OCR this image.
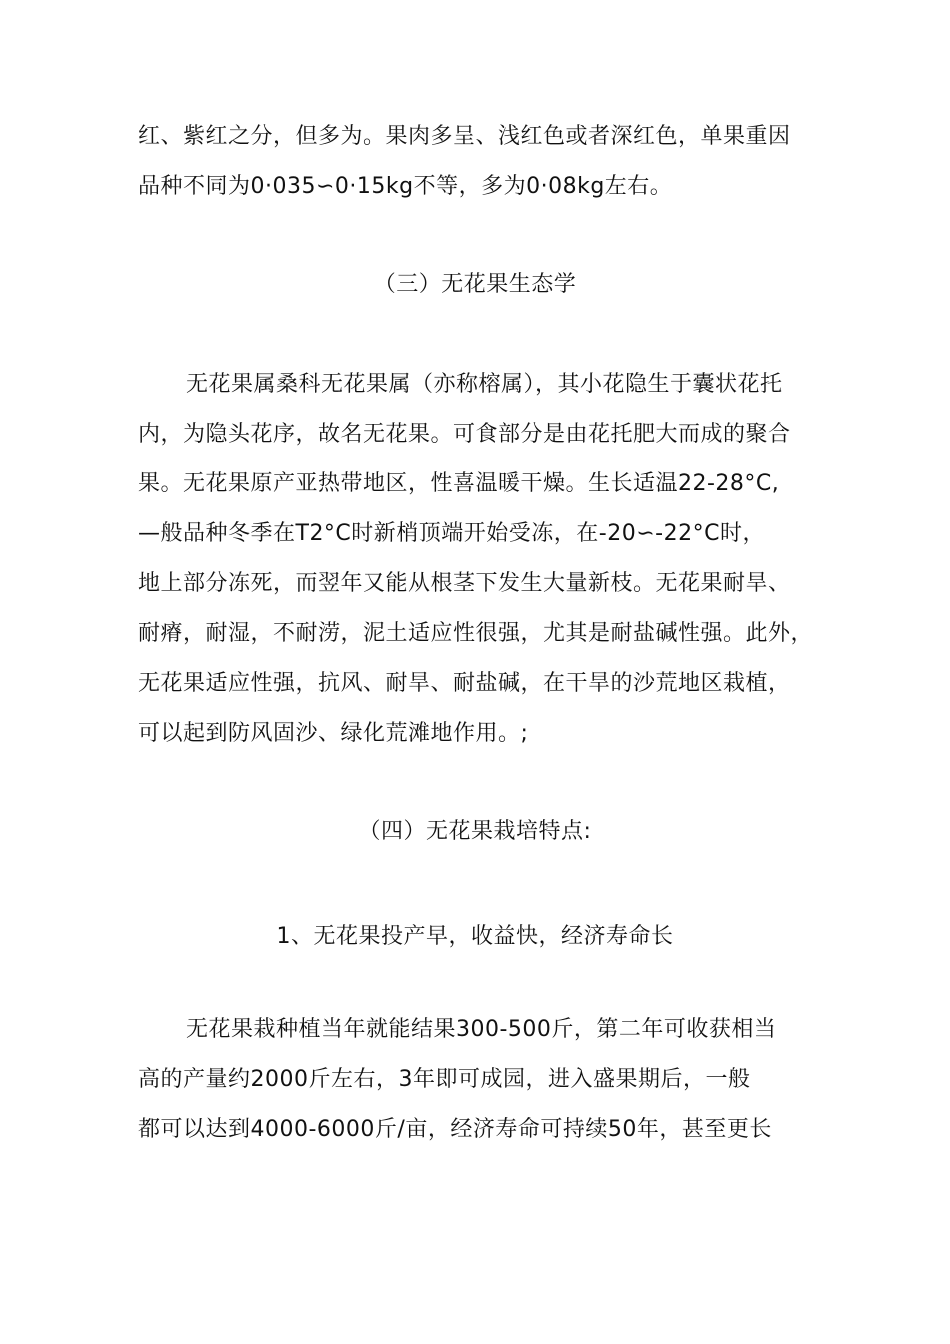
红、紫红之分，但多为。果肉多呈、浅红色或者深红色，单果重因
品种不同为0·035∽0·15kg不等，多为0·08kg左右。
（三）无花果生态学
无花果属桑科无花果属（亦称榕属），其小花隐生于囊状花托
内，为隐头花序，故名无花果。可食部分是由花托肥大而成的聚合
果。无花果原产亚热带地区，性喜温暖干燥。生长适温22-28°C,
—般品种冬季在T2°C时新梢顶端开始受冻，在-20∽-22°C时，
地上部分冻死，而翌年又能从根茎下发生大量新枝。无花果耐旱、
耐瘠，耐湿，不耐涝，泥土适应性很强，尤其是耐盐碱性强。此外，
无花果适应性强，抗风、耐旱、耐盐碱，在干旱的沙荒地区栽植，
可以起到防风固沙、绿化荒滩地作用。;
（四）无花果栽培特点:
1、无花果投产早，收益快，经济寿命长
无花果栽种植当年就能结果300-500斤，第二年可收获相当
高的产量约2000斤左右，3年即可成园，进入盛果期后，一般
都可以达到4000-6000斤/亩，经济寿命可持续50年，甚至更长
